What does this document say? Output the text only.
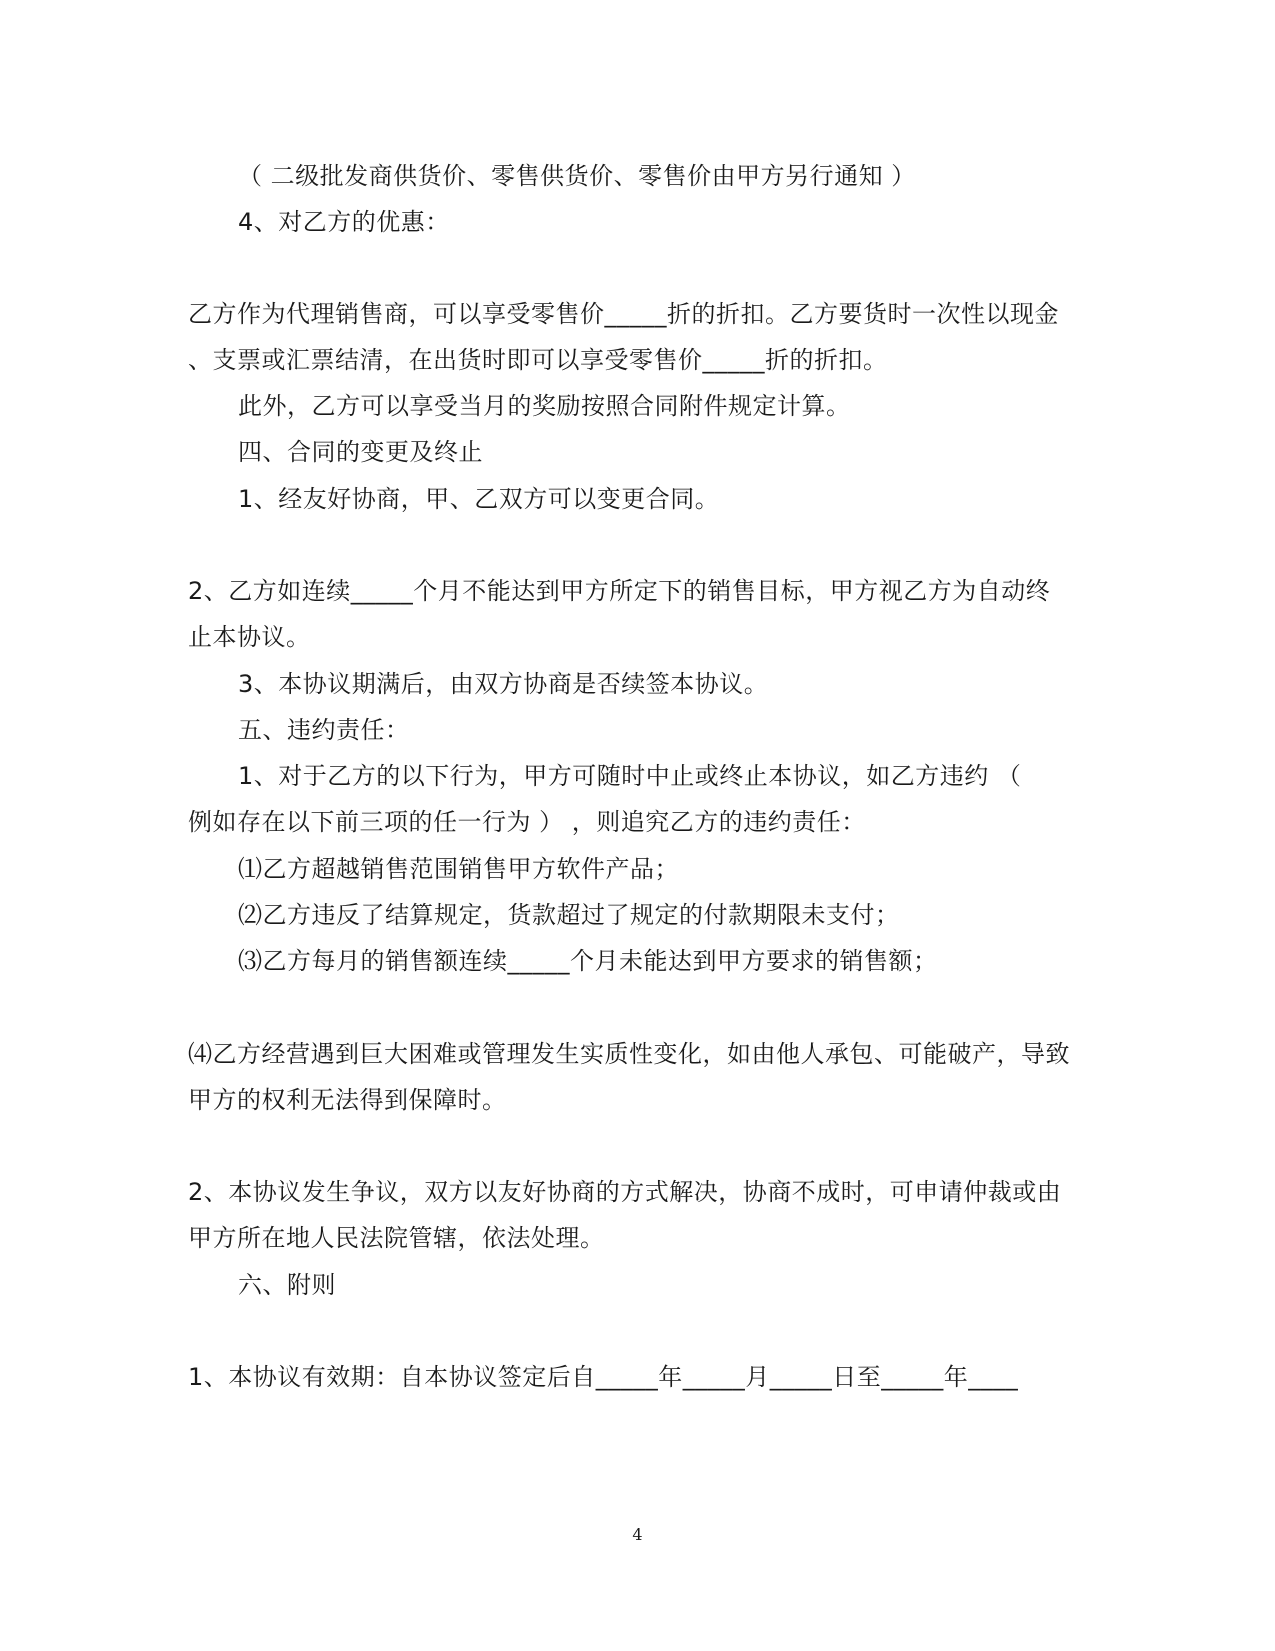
（ 二级批发商供货价、零售供货价、零售价由甲方另行通知 ）
4、对乙方的优惠：
乙方作为代理销售商，可以享受零售价_____折的折扣。乙方要货时一次性以现金
、支票或汇票结清，在出货时即可以享受零售价_____折的折扣。
此外，乙方可以享受当月的奖励按照合同附件规定计算。
四、合同的变更及终止
1、经友好协商，甲、乙双方可以变更合同。
2、乙方如连续_____个月不能达到甲方所定下的销售目标，甲方视乙方为自动终
止本协议。
3、本协议期满后，由双方协商是否续签本协议。
五、违约责任：
1、对于乙方的以下行为，甲方可随时中止或终止本协议，如乙方违约 （
例如存在以下前三项的任一行为 ） ，则追究乙方的违约责任：
⑴乙方超越销售范围销售甲方软件产品；
⑵乙方违反了结算规定，货款超过了规定的付款期限未支付；
⑶乙方每月的销售额连续_____个月未能达到甲方要求的销售额；
⑷乙方经营遇到巨大困难或管理发生实质性变化，如由他人承包、可能破产，导致
甲方的权利无法得到保障时。
2、本协议发生争议，双方以友好协商的方式解决，协商不成时，可申请仲裁或由
甲方所在地人民法院管辖，依法处理。
六、附则
1、本协议有效期：自本协议签定后自_____年_____月_____日至_____年____
4
